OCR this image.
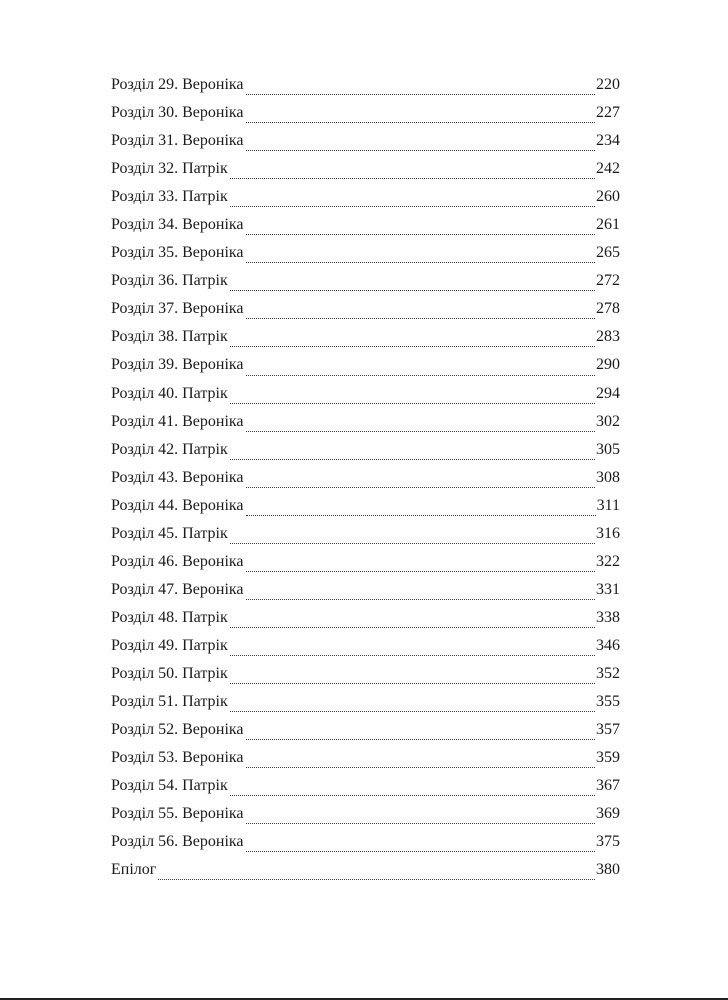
Розділ 29. Вероніка	220
Розділ 30. Вероніка	227
Розділ 31. Вероніка	234
Розділ 32. Патрік	242
Розділ 33. Патрік	260
Розділ 34. Вероніка	261
Розділ 35. Вероніка	265
Розділ 36. Патрік	272
Розділ 37. Вероніка	278
Розділ 38. Патрік	283
Розділ 39. Вероніка	290
Розділ 40. Патрік	294
Розділ 41. Вероніка	302
Розділ 42. Патрік	305
Розділ 43. Вероніка	308
Розділ 44. Вероніка	311
Розділ 45. Патрік	316
Розділ 46. Вероніка	322
Розділ 47. Вероніка	331
Розділ 48. Патрік	338
Розділ 49. Патрік	346
Розділ 50. Патрік	352
Розділ 51. Патрік	355
Розділ 52. Вероніка	357
Розділ 53. Вероніка	359
Розділ 54. Патрік	367
Розділ 55. Вероніка	369
Розділ 56. Вероніка	375
Епілог	380
